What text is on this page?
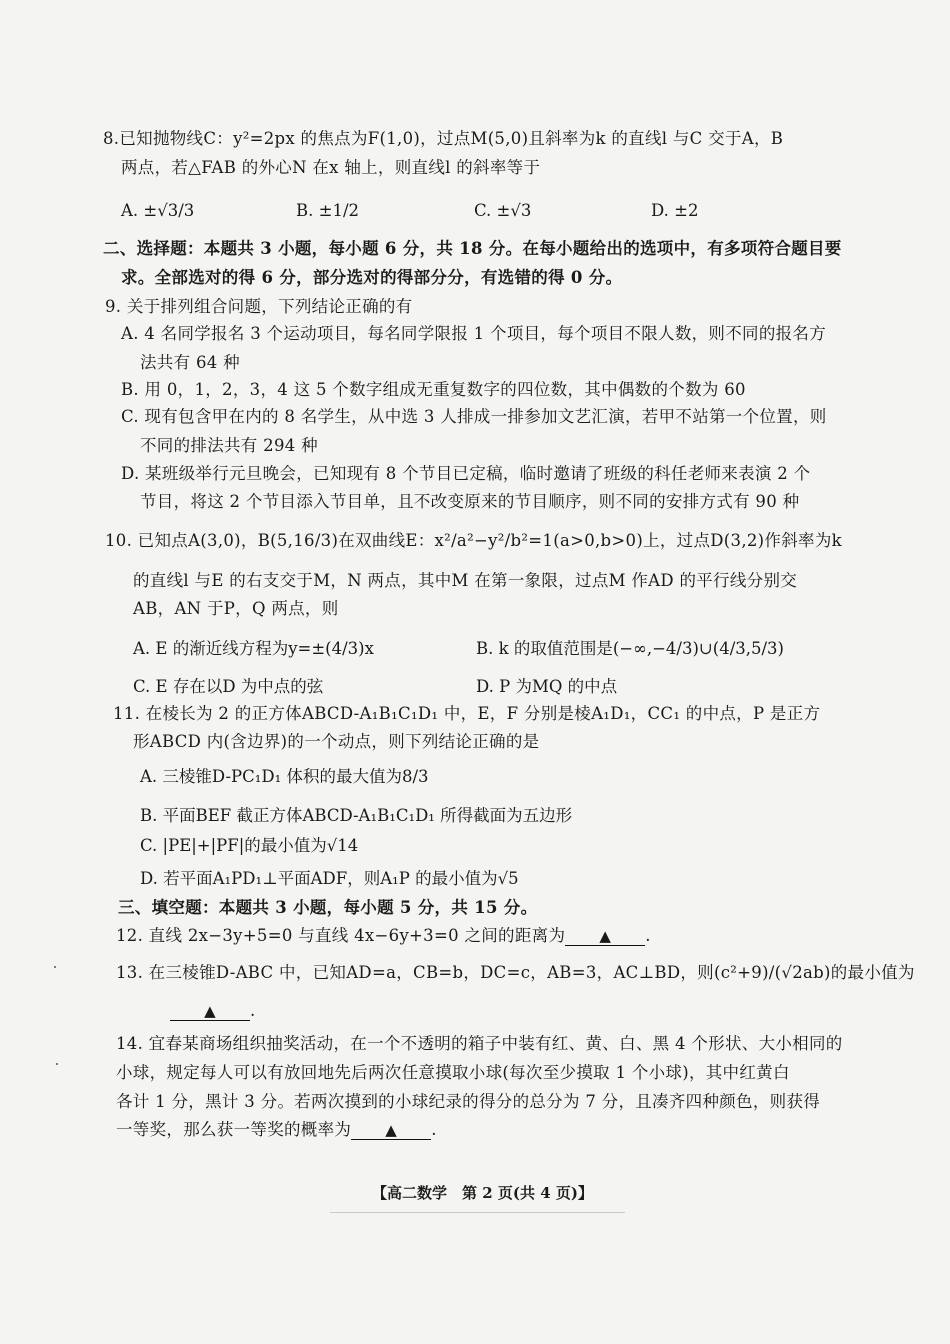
8.已知抛物线C：y²=2px 的焦点为F(1,0)，过点M(5,0)且斜率为k 的直线l 与C 交于A，B
两点，若△FAB 的外心N 在x 轴上，则直线l 的斜率等于
A. ±√3/3	B. ±1/2	C. ±√3	D. ±2
二、选择题：本题共 3 小题，每小题 6 分，共 18 分。在每小题给出的选项中，有多项符合题目要
求。全部选对的得 6 分，部分选对的得部分分，有选错的得 0 分。
9. 关于排列组合问题，下列结论正确的有
A. 4 名同学报名 3 个运动项目，每名同学限报 1 个项目，每个项目不限人数，则不同的报名方
法共有 64 种
B. 用 0，1，2，3，4 这 5 个数字组成无重复数字的四位数，其中偶数的个数为 60
C. 现有包含甲在内的 8 名学生，从中选 3 人排成一排参加文艺汇演，若甲不站第一个位置，则
不同的排法共有 294 种
D. 某班级举行元旦晚会，已知现有 8 个节目已定稿，临时邀请了班级的科任老师来表演 2 个
节目，将这 2 个节目添入节目单，且不改变原来的节目顺序，则不同的安排方式有 90 种
10. 已知点A(3,0)，B(5,16/3)在双曲线E：x²/a²−y²/b²=1(a>0,b>0)上，过点D(3,2)作斜率为k
的直线l 与E 的右支交于M，N 两点，其中M 在第一象限，过点M 作AD 的平行线分别交
AB，AN 于P，Q 两点，则
A. E 的渐近线方程为y=±(4/3)x	B. k 的取值范围是(−∞,−4/3)∪(4/3,5/3)
C. E 存在以D 为中点的弦	D. P 为MQ 的中点
11. 在棱长为 2 的正方体ABCD-A₁B₁C₁D₁ 中，E，F 分别是棱A₁D₁，CC₁ 的中点，P 是正方
形ABCD 内(含边界)的一个动点，则下列结论正确的是
A. 三棱锥D-PC₁D₁ 体积的最大值为8/3
B. 平面BEF 截正方体ABCD-A₁B₁C₁D₁ 所得截面为五边形
C. |PE|+|PF|的最小值为√14
D. 若平面A₁PD₁⊥平面ADF，则A₁P 的最小值为√5
三、填空题：本题共 3 小题，每小题 5 分，共 15 分。
12. 直线 2x−3y+5=0 与直线 4x−6y+3=0 之间的距离为 ▲ .
13. 在三棱锥D-ABC 中，已知AD=a，CB=b，DC=c，AB=3，AC⊥BD，则(c²+9)/(√2ab)的最小值为
▲ .
14. 宜春某商场组织抽奖活动，在一个不透明的箱子中装有红、黄、白、黑 4 个形状、大小相同的
小球，规定每人可以有放回地先后两次任意摸取小球(每次至少摸取 1 个小球)，其中红黄白
各计 1 分，黑计 3 分。若两次摸到的小球纪录的得分的总分为 7 分，且凑齐四种颜色，则获得
一等奖，那么获一等奖的概率为 ▲ .
【高二数学　第 2 页(共 4 页)】
